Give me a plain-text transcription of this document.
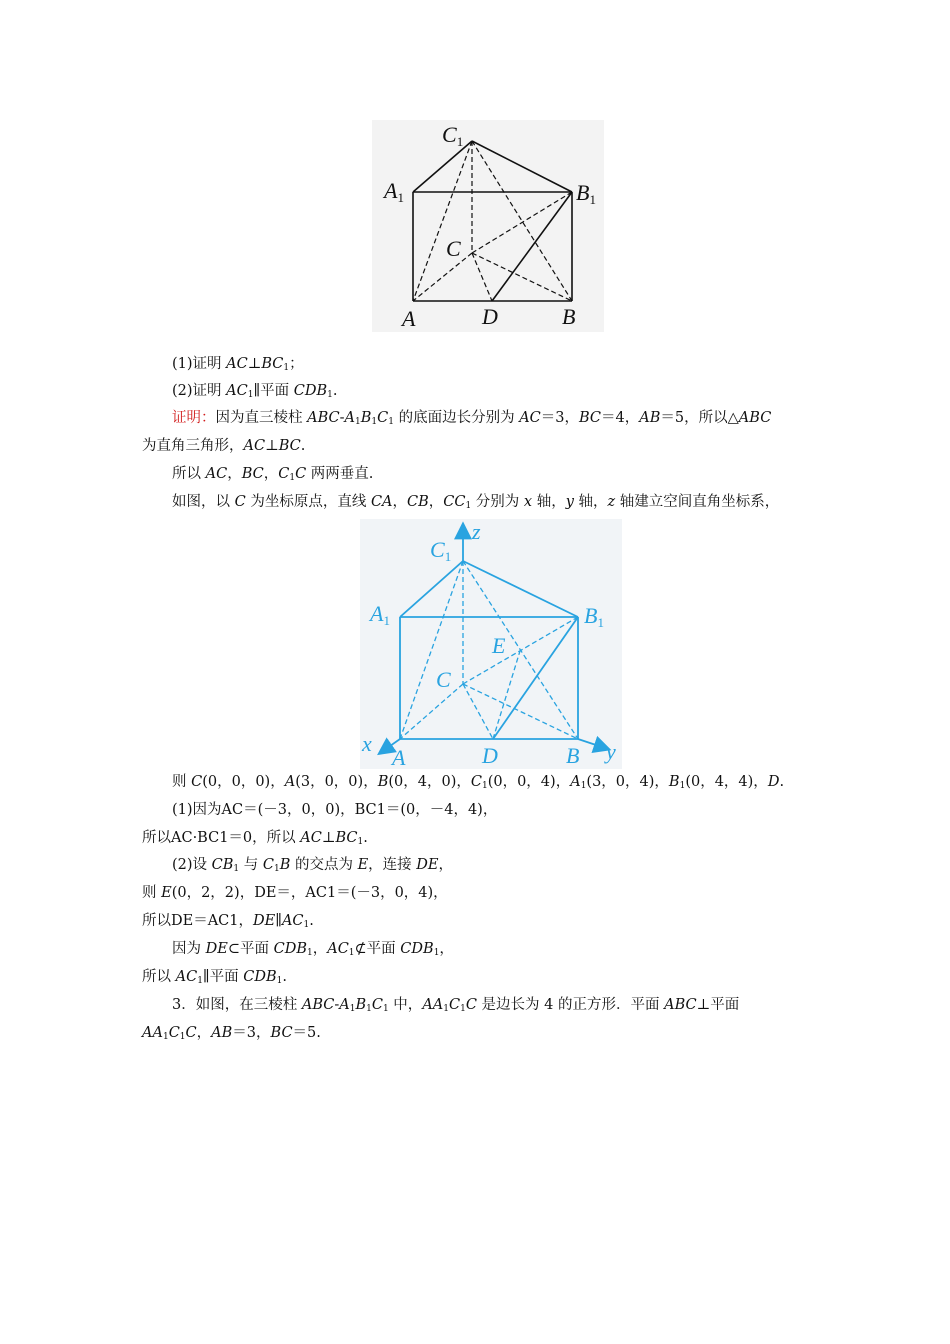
C1
A1	B1
C
A	D	B
(1)证明 $AC\perp BC_1$；
(2)证明 $AC_1\parallel$平面 $CDB_1$.
证明：因为直三棱柱 ABC-$A_1B_1C_1$ 的底面边长分别为 AC＝3，BC＝4，AB＝5，所以△ABC
为直角三角形，AC⊥BC.
所以 AC，BC，$C_1C$ 两两垂直.
如图，以 C 为坐标原点，直线 CA，CB，$CC_1$ 分别为 x 轴，y 轴，z 轴建立空间直角坐标系，
z
C1
A1	B1
E
C
x
A	D	B y
则 C(0，0，0)，A(3，0，0)，B(0，4，0)，$C_1(0$，0，4)，$A_1(3$，0，4)，$B_1(0$，4，4)，D.
(1)因为AC＝(－3，0，0)，BC1＝(0，－4，4)，
所以AC·BC1＝0，所以 $AC\perp BC_1$.
(2)设 $CB_1$ 与 $C_1B$ 的交点为 E，连接 DE，
则 E(0，2，2)，DE＝，AC1＝(－3，0，4)，
所以DE＝AC1，$DE\parallel AC_1$.
因为 DE⊂平面 $CDB_1$，$AC_1⊄$平面 $CDB_1$，
所以 $AC_1\parallel$平面 $CDB_1$.
3．如图，在三棱柱 ABC-$A_1B_1C_1$ 中，$AA_1C_1C$ 是边长为 4 的正方形．平面 ABC⊥平面
$AA_1C_1C$，AB＝3，BC＝5.
